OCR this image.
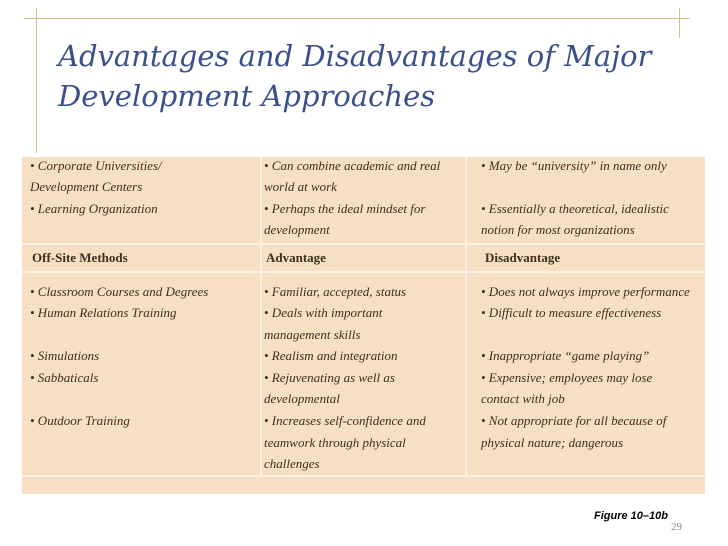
Advantages and Disadvantages of Major
Development Approaches
• Corporate Universities/
Development Centers
• Learning Organization
• Can combine academic and real
world at work
• Perhaps the ideal mindset for
development
• May be “university” in name only
• Essentially a theoretical, idealistic
notion for most organizations
Off-Site Methods	Advantage	Disadvantage
• Classroom Courses and Degrees
• Human Relations Training
• Simulations
• Sabbaticals
• Outdoor Training
• Familiar, accepted, status
• Deals with important
management skills
• Realism and integration
• Rejuvenating as well as
developmental
• Increases self-confidence and
teamwork through physical
challenges
• Does not always improve performance
• Difficult to measure effectiveness
• Inappropriate “game playing”
• Expensive; employees may lose
contact with job
• Not appropriate for all because of
physical nature; dangerous
Figure 10–10b
29
